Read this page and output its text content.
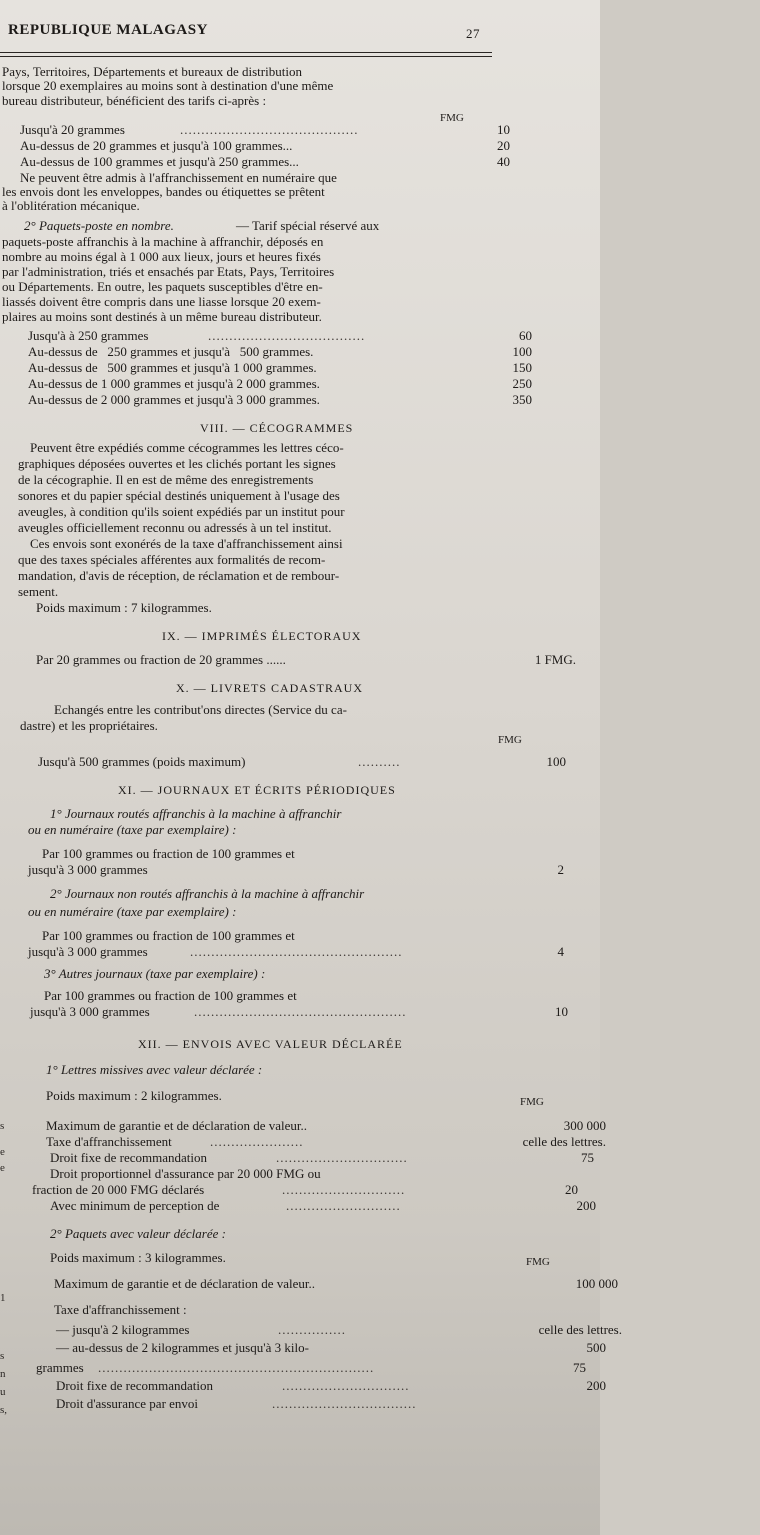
REPUBLIQUE MALAGASY	27
Pays, Territoires, Départements et bureaux de distribution
lorsque 20 exemplaires au moins sont à destination d'une même
bureau distributeur, bénéficient des tarifs ci-après :
FMG
Jusqu'à 20 grammes	..........................................	10
Au-dessus de 20 grammes et jusqu'à 100 grammes...	20
Au-dessus de 100 grammes et jusqu'à 250 grammes...	40
Ne peuvent être admis à l'affranchissement en numéraire que
les envois dont les enveloppes, bandes ou étiquettes se prêtent
à l'oblitération mécanique.
2° Paquets-poste en nombre.	— Tarif spécial réservé aux
paquets-poste affranchis à la machine à affranchir, déposés en
nombre au moins égal à 1 000 aux lieux, jours et heures fixés
par l'administration, triés et ensachés par Etats, Pays, Territoires
ou Départements. En outre, les paquets susceptibles d'être en-
liassés doivent être compris dans une liasse lorsque 20 exem-
plaires au moins sont destinés à un même bureau distributeur.
Jusqu'à à 250 grammes	.....................................	60
Au-dessus de   250 grammes et jusqu'à   500 grammes.	100
Au-dessus de   500 grammes et jusqu'à 1 000 grammes.	150
Au-dessus de 1 000 grammes et jusqu'à 2 000 grammes.	250
Au-dessus de 2 000 grammes et jusqu'à 3 000 grammes.	350
VIII. — CÉCOGRAMMES
Peuvent être expédiés comme cécogrammes les lettres céco-
graphiques déposées ouvertes et les clichés portant les signes
de la cécographie. Il en est de même des enregistrements
sonores et du papier spécial destinés uniquement à l'usage des
aveugles, à condition qu'ils soient expédiés par un institut pour
aveugles officiellement reconnu ou adressés à un tel institut.
Ces envois sont exonérés de la taxe d'affranchissement ainsi
que des taxes spéciales afférentes aux formalités de recom-
mandation, d'avis de réception, de réclamation et de rembour-
sement.
Poids maximum : 7 kilogrammes.
IX. — IMPRIMÉS ÉLECTORAUX
Par 20 grammes ou fraction de 20 grammes ......	1 FMG.
X. — LIVRETS CADASTRAUX
Echangés entre les contribut'ons directes (Service du ca-
dastre) et les propriétaires.
FMG
Jusqu'à 500 grammes (poids maximum)	..........	100
XI. — JOURNAUX ET ÉCRITS PÉRIODIQUES
1° Journaux routés affranchis à la machine à affranchir
ou en numéraire (taxe par exemplaire) :
Par 100 grammes ou fraction de 100 grammes et
jusqu'à 3 000 grammes	2
2° Journaux non routés affranchis à la machine à affranchir
ou en numéraire (taxe par exemplaire) :
Par 100 grammes ou fraction de 100 grammes et
jusqu'à 3 000 grammes	..................................................	4
3° Autres journaux (taxe par exemplaire) :
Par 100 grammes ou fraction de 100 grammes et
jusqu'à 3 000 grammes	..................................................	10
XII. — ENVOIS AVEC VALEUR DÉCLARÉE
1° Lettres missives avec valeur déclarée :
Poids maximum : 2 kilogrammes.	FMG
Maximum de garantie et de déclaration de valeur..	300 000
Taxe d'affranchissement	......................	celle des lettres.
Droit fixe de recommandation	...............................	75
Droit proportionnel d'assurance par 20 000 FMG ou
fraction de 20 000 FMG déclarés	.............................	20
Avec minimum de perception de	...........................	200
2° Paquets avec valeur déclarée :
Poids maximum : 3 kilogrammes.	FMG
Maximum de garantie et de déclaration de valeur..	100 000
Taxe d'affranchissement :
— jusqu'à 2 kilogrammes	................	celle des lettres.
— au-dessus de 2 kilogrammes et jusqu'à 3 kilo-	500
grammes .................................................................	75
Droit fixe de recommandation	..............................	200
Droit d'assurance par envoi	..................................
s
e
e
1
s
n
u
s,
